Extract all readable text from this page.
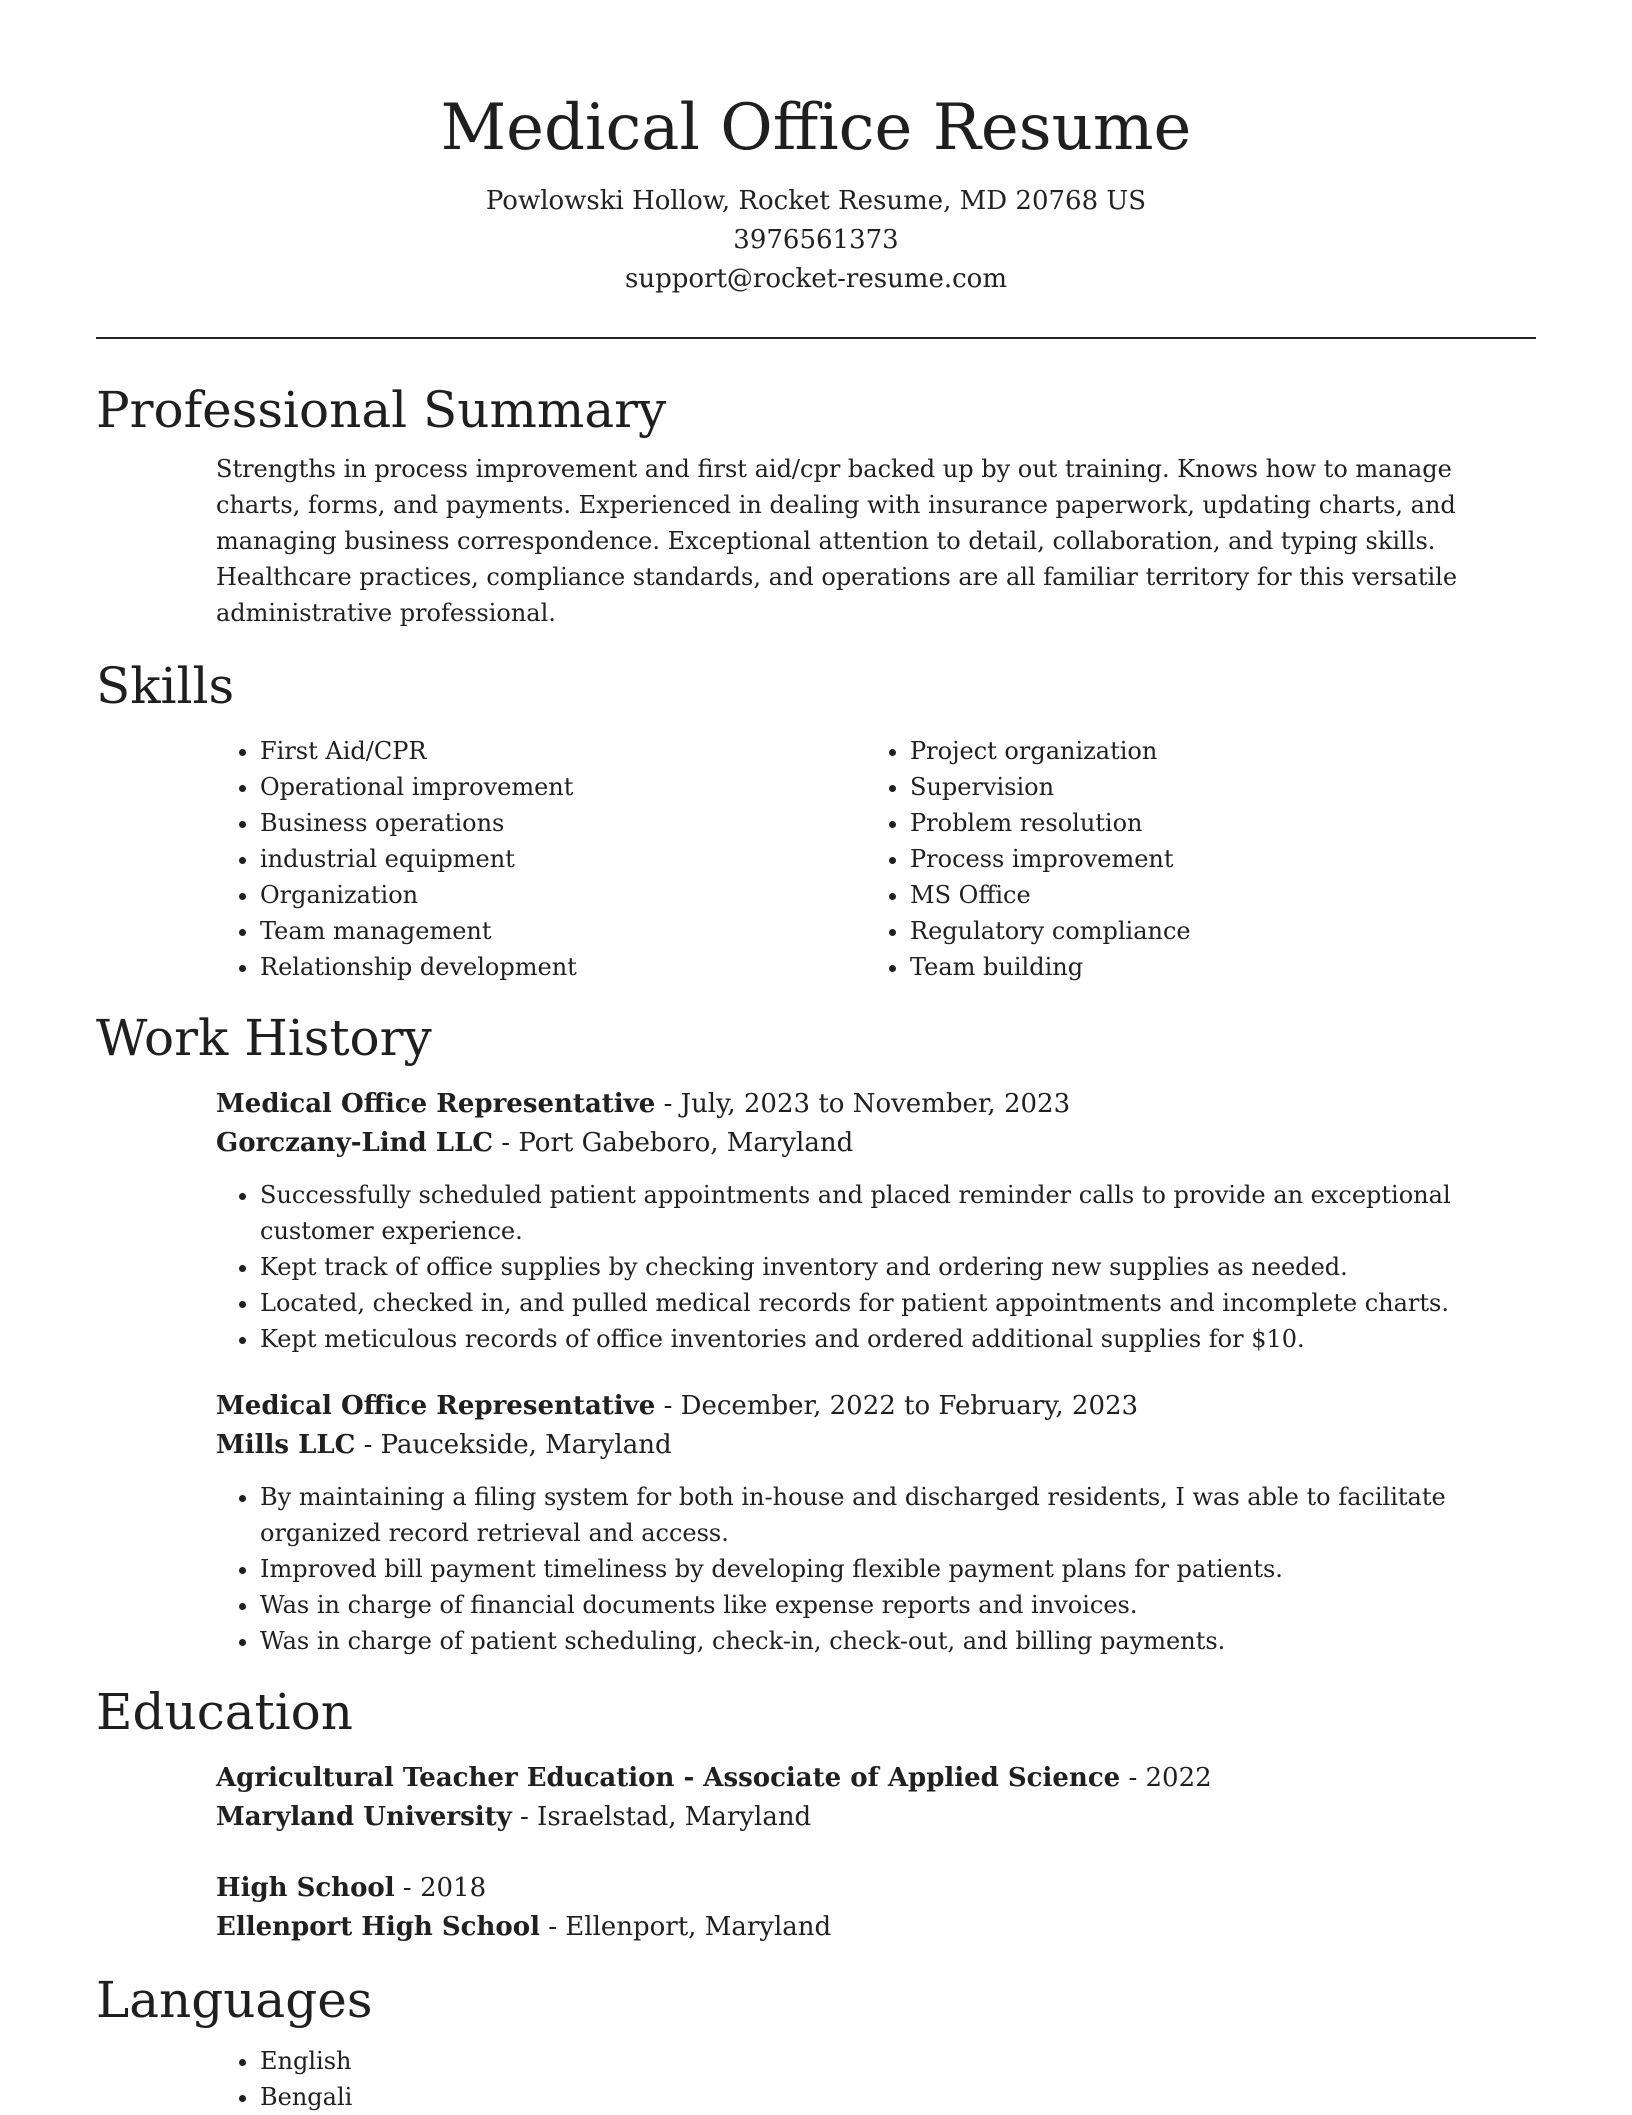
Medical Office Resume

Powlowski Hollow, Rocket Resume, MD 20768 US

3976561373

support@rocket-resume.com

Professional Summary

Strengths in process improvement and first aid/cpr backed up by out training. Knows how to manage charts, forms, and payments. Experienced in dealing with insurance paperwork, updating charts, and managing business correspondence. Exceptional attention to detail, collaboration, and typing skills. Healthcare practices, compliance standards, and operations are all familiar territory for this versatile administrative professional.

Skills
• First Aid/CPR
• Operational improvement
• Business operations
• industrial equipment
• Organization
• Team management
• Relationship development
• Project organization
• Supervision
• Problem resolution
• Process improvement
• MS Office
• Regulatory compliance
• Team building
Work History

Medical Office Representative - July, 2023 to November, 2023

Gorczany-Lind LLC - Port Gabeboro, Maryland

• Successfully scheduled patient appointments and placed reminder calls to provide an exceptional customer experience.
• Kept track of office supplies by checking inventory and ordering new supplies as needed.
• Located, checked in, and pulled medical records for patient appointments and incomplete charts.
• Kept meticulous records of office inventories and ordered additional supplies for $10.

Medical Office Representative - December, 2022 to February, 2023

Mills LLC - Paucekside, Maryland

• By maintaining a filing system for both in-house and discharged residents, I was able to facilitate organized record retrieval and access.
• Improved bill payment timeliness by developing flexible payment plans for patients.
• Was in charge of financial documents like expense reports and invoices.
• Was in charge of patient scheduling, check-in, check-out, and billing payments.
Education

Agricultural Teacher Education - Associate of Applied Science - 2022

Maryland University - Israelstad, Maryland

High School - 2018

Ellenport High School - Ellenport, Maryland

Languages
• English
• Bengali
